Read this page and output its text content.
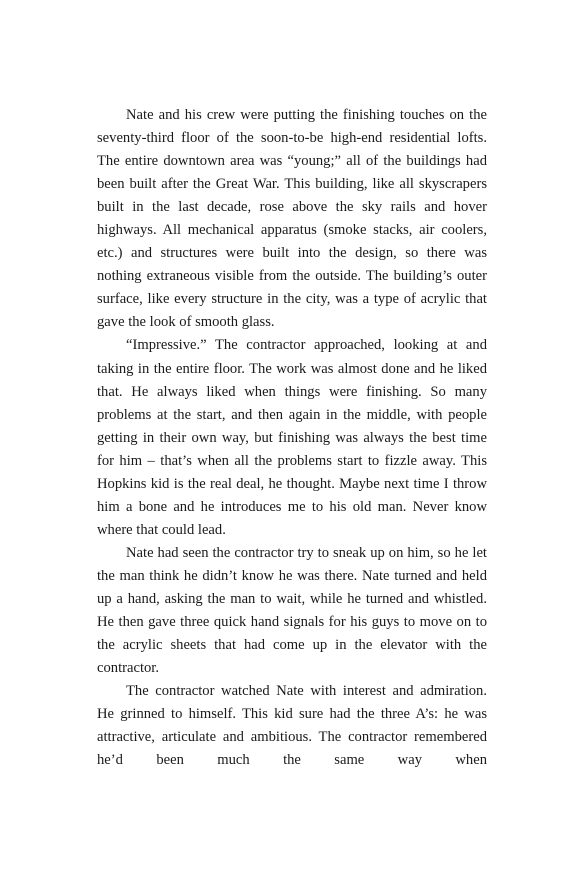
Nate and his crew were putting the finishing touches on the seventy-third floor of the soon-to-be high-end residential lofts. The entire downtown area was “young;” all of the buildings had been built after the Great War. This building, like all skyscrapers built in the last decade, rose above the sky rails and hover highways. All mechanical apparatus (smoke stacks, air coolers, etc.) and structures were built into the design, so there was nothing extraneous visible from the outside. The building’s outer surface, like every structure in the city, was a type of acrylic that gave the look of smooth glass.

“Impressive.” The contractor approached, looking at and taking in the entire floor. The work was almost done and he liked that. He always liked when things were finishing. So many problems at the start, and then again in the middle, with people getting in their own way, but finishing was always the best time for him – that’s when all the problems start to fizzle away. This Hopkins kid is the real deal, he thought. Maybe next time I throw him a bone and he introduces me to his old man. Never know where that could lead.

Nate had seen the contractor try to sneak up on him, so he let the man think he didn’t know he was there. Nate turned and held up a hand, asking the man to wait, while he turned and whistled. He then gave three quick hand signals for his guys to move on to the acrylic sheets that had come up in the elevator with the contractor.

The contractor watched Nate with interest and admiration. He grinned to himself. This kid sure had the three A’s: he was attractive, articulate and ambitious. The contractor remembered he’d been much the same way when
